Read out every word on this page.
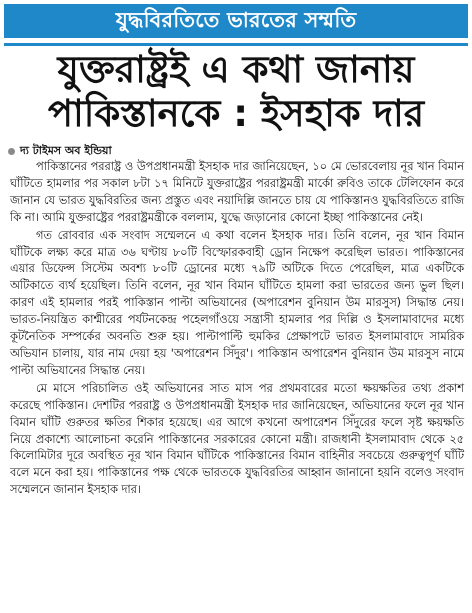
যুদ্ধবিরতিতে ভারতের সম্মতি
যুক্তরাষ্ট্রই এ কথা জানায়
পাকিস্তানকে : ইসহাক দার
দ্য টাইমস অব ইন্ডিয়া

পাকিস্তানের পররাষ্ট্র ও উপপ্রধানমন্ত্রী ইসহাক দার জানিয়েছেন, ১০ মে ভোরবেলায় নূর খান বিমান ঘাঁটিতে হামলার পর সকাল ৮টা ১৭ মিনিটে যুক্তরাষ্ট্রের পররাষ্ট্রমন্ত্রী মার্কো রুবিও তাকে টেলিফোন করে জানান যে ভারত যুদ্ধবিরতির জন্য প্রস্তুত এবং নয়াদিল্লি জানতে চায় যে পাকিস্তানও যুদ্ধবিরতিতে রাজি কি না। আমি যুক্তরাষ্ট্রের পররাষ্ট্রমন্ত্রীকে বললাম, যুদ্ধে জড়ানোর কোনো ইচ্ছা পাকিস্তানের নেই।

গত রোববার এক সংবাদ সম্মেলনে এ কথা বলেন ইসহাক দার। তিনি বলেন, নূর খান বিমান ঘাঁটিকে লক্ষ্য করে মাত্র ৩৬ ঘণ্টায় ৮০টি বিস্ফোরকবাহী ড্রোন নিক্ষেপ করেছিল ভারত। পাকিস্তানের এয়ার ডিফেন্স সিস্টেম অবশ্য ৮০টি ড্রোনের মধ্যে ৭৯টি অটিকে দিতে পেরেছিল, মাত্র একটিকে অটিকাতে ব্যর্থ হয়েছিল। তিনি বলেন, নূর খান বিমান ঘাঁটিতে হামলা করা ভারতের জন্য ভুল ছিল। কারণ এই হামলার পরই পাকিস্তান পাল্টা অভিযানের (অপারেশন বুনিয়ান উম মারসুস) সিদ্ধান্ত নেয়। ভারত-নিয়ন্ত্রিত কাশ্মীরের পর্যটনকেন্দ্র পহেলগাঁওয়ে সন্ত্রাসী হামলার পর দিল্লি ও ইসলামাবাদের মধ্যে কূটনৈতিক সম্পর্কের অবনতি শুরু হয়। পাল্টাপাল্টি হুমকির প্রেক্ষাপটে ভারত ইসলামাবাদে সামরিক অভিযান চালায়, যার নাম দেয়া হয় 'অপারেশন সিঁদুর'। পাকিস্তান অপারেশন বুনিয়ান উম মারসুস নামে পাল্টা অভিযানের সিদ্ধান্ত নেয়।

মে মাসে পরিচালিত ওই অভিযানের সাত মাস পর প্রথমবারের মতো ক্ষয়ক্ষতির তথ্য প্রকাশ করেছে পাকিস্তান। দেশটির পররাষ্ট্র ও উপপ্রধানমন্ত্রী ইসহাক দার জানিয়েছেন, অভিযানের ফলে নূর খান বিমান ঘাঁটি গুরুতর ক্ষতির শিকার হয়েছে। এর আগে কখনো অপারেশন সিঁদুরের ফলে সৃষ্ট ক্ষয়ক্ষতি নিয়ে প্রকাশ্যে আলোচনা করেনি পাকিস্তানের সরকারের কোনো মন্ত্রী। রাজধানী ইসলামাবাদ থেকে ২৫ কিলোমিটার দূরে অবস্থিত নূর খান বিমান ঘাঁটিকে পাকিস্তানের বিমান বাহিনীর সবচেয়ে গুরুত্বপূর্ণ ঘাঁটি বলে মনে করা হয়। পাকিস্তানের পক্ষ থেকে ভারতকে যুদ্ধবিরতির আহ্বান জানানো হয়নি বলেও সংবাদ সম্মেলনে জানান ইসহাক দার।
